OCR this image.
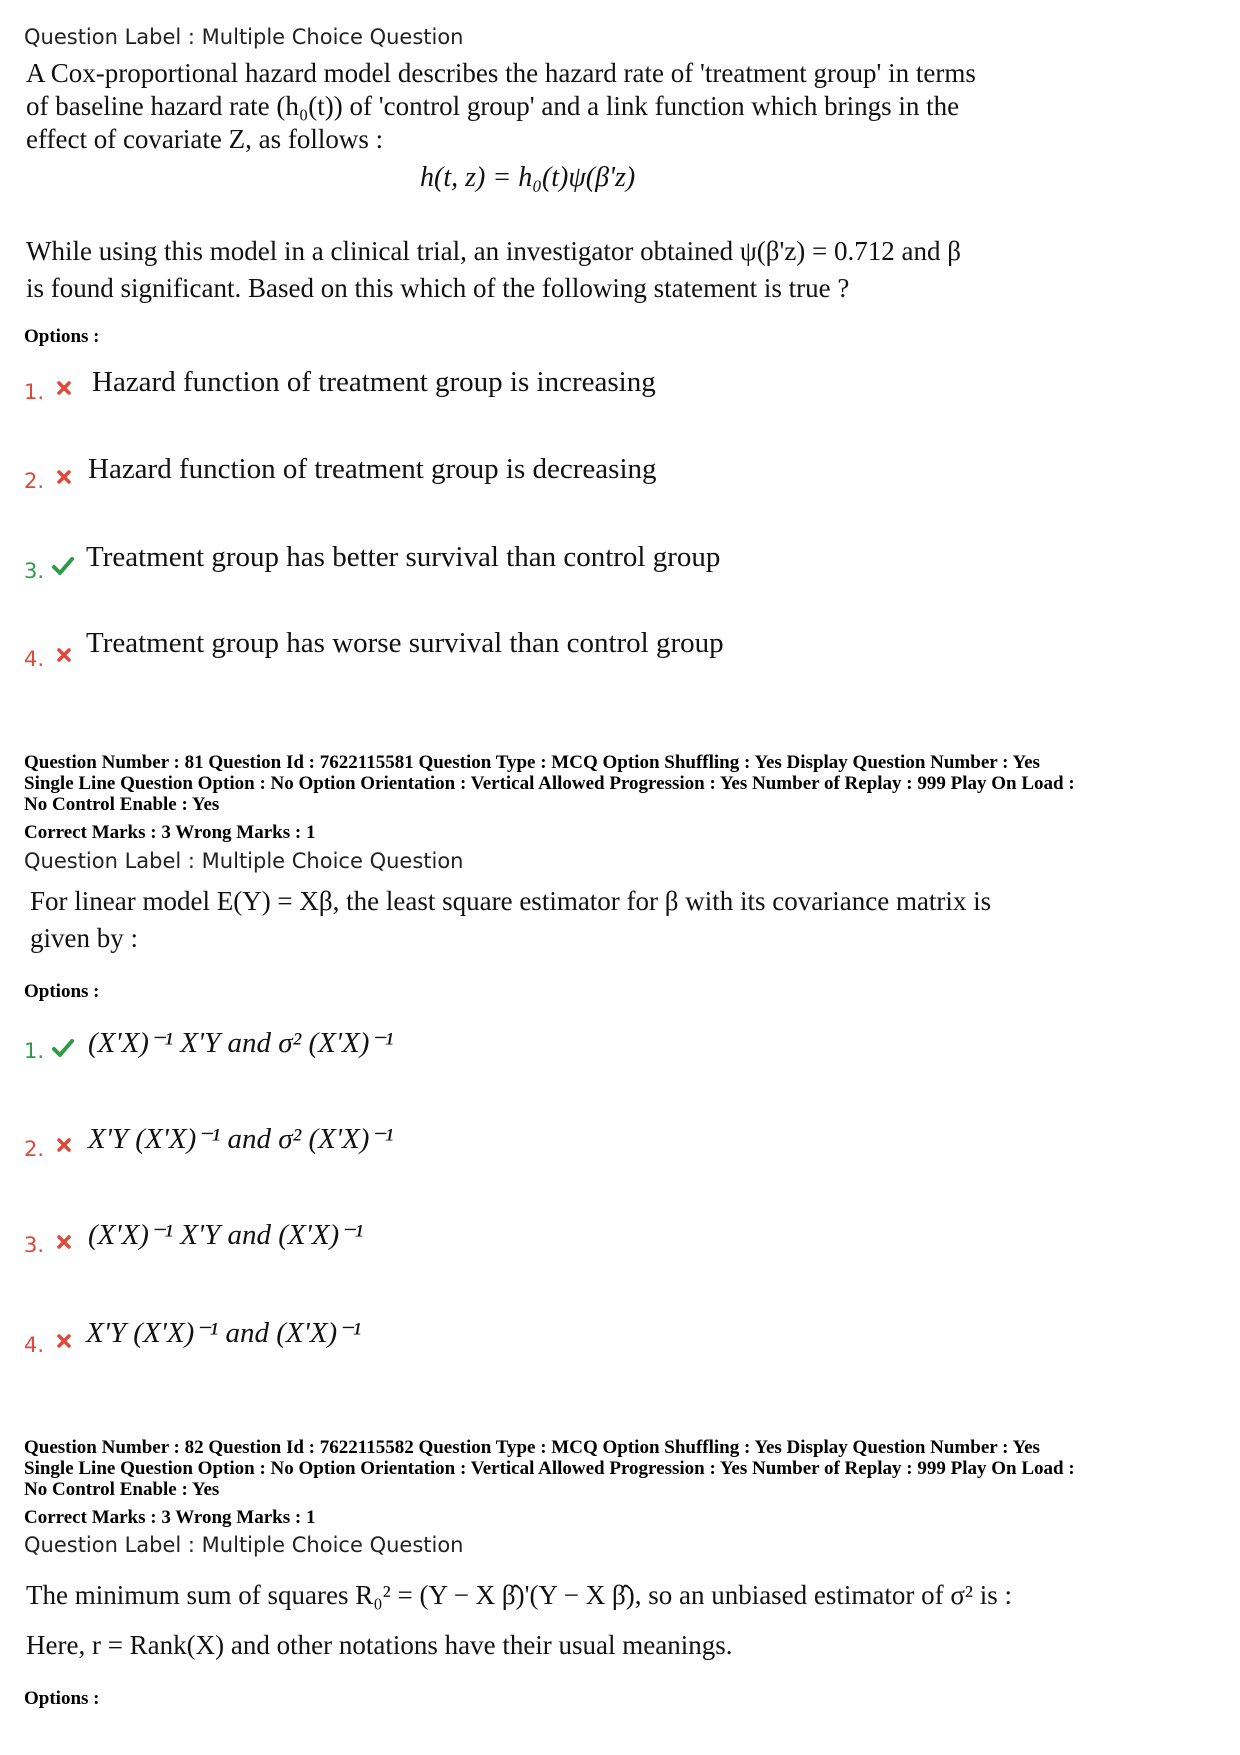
Question Label : Multiple Choice Question
A Cox-proportional hazard model describes the hazard rate of 'treatment group' in terms
of baseline hazard rate (h₀(t)) of 'control group' and a link function which brings in the
effect of covariate Z, as follows :
h(t, z) = h₀(t)ψ(β'z)
While using this model in a clinical trial, an investigator obtained ψ(β'z) = 0.712 and β
is found significant. Based on this which of the following statement is true ?
Options :
1. Hazard function of treatment group is increasing
2. Hazard function of treatment group is decreasing
3. Treatment group has better survival than control group
4. Treatment group has worse survival than control group
Question Number : 81 Question Id : 7622115581 Question Type : MCQ Option Shuffling : Yes Display Question Number : Yes
Single Line Question Option : No Option Orientation : Vertical Allowed Progression : Yes Number of Replay : 999 Play On Load :
No Control Enable : Yes
Correct Marks : 3 Wrong Marks : 1
Question Label : Multiple Choice Question
For linear model E(Y) = Xβ, the least square estimator for β with its covariance matrix is
given by :
Options :
1. (X'X)⁻¹ X'Y and σ² (X'X)⁻¹
2. X'Y (X'X)⁻¹ and σ² (X'X)⁻¹
3. (X'X)⁻¹ X'Y and (X'X)⁻¹
4. X'Y (X'X)⁻¹ and (X'X)⁻¹
Question Number : 82 Question Id : 7622115582 Question Type : MCQ Option Shuffling : Yes Display Question Number : Yes
Single Line Question Option : No Option Orientation : Vertical Allowed Progression : Yes Number of Replay : 999 Play On Load :
No Control Enable : Yes
Correct Marks : 3 Wrong Marks : 1
Question Label : Multiple Choice Question
The minimum sum of squares R₀² = (Y − X β̂)'(Y − X β̂), so an unbiased estimator of σ² is :
Here, r = Rank(X) and other notations have their usual meanings.
Options :
